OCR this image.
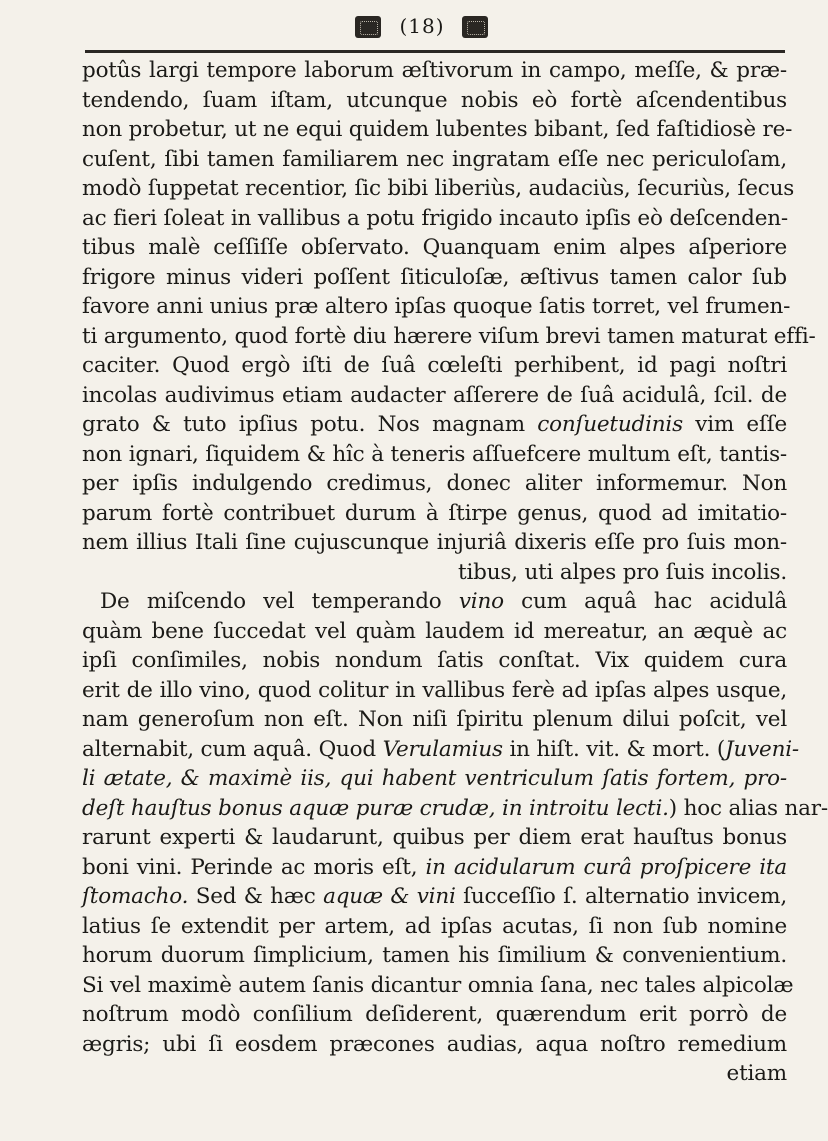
(18)
potûs largi tempore laborum æſtivorum in campo, meſſe, & præ-
tendendo, ſuam iſtam, utcunque nobis eò fortè aſcendentibus
non probetur, ut ne equi quidem lubentes bibant, ſed faſtidiosè re-
cuſent, ſibi tamen familiarem nec ingratam eſſe nec periculoſam,
modò ſuppetat recentior, ſic bibi liberiùs, audaciùs, ſecuriùs, ſecus
ac fieri ſoleat in vallibus a potu frigido incauto ipſis eò deſcenden-
tibus malè ceſſiſſe obſervato. Quanquam enim alpes aſperiore
frigore minus videri poſſent ſiticuloſæ, æſtivus tamen calor ſub
favore anni unius præ altero ipſas quoque ſatis torret, vel frumen-
ti argumento, quod fortè diu hærere viſum brevi tamen maturat effi-
caciter. Quod ergò iſti de ſuâ cœleſti perhibent, id pagi noſtri
incolas audivimus etiam audacter aſſerere de ſuâ acidulâ, ſcil. de
grato & tuto ipſius potu. Nos magnam conſuetudinis vim eſſe
non ignari, ſiquidem & hîc à teneris aſſuefcere multum eſt, tantis-
per ipſis indulgendo credimus, donec aliter informemur. Non
parum fortè contribuet durum à ſtirpe genus, quod ad imitatio-
nem illius Itali ſine cujuscunque injuriâ dixeris eſſe pro ſuis mon-
tibus, uti alpes pro ſuis incolis.
De miſcendo vel temperando vino cum aquâ hac acidulâ
quàm bene ſuccedat vel quàm laudem id mereatur, an æquè ac
ipſi conſimiles, nobis nondum ſatis conſtat. Vix quidem cura
erit de illo vino, quod colitur in vallibus ferè ad ipſas alpes usque,
nam generoſum non eſt. Non niſi ſpiritu plenum dilui poſcit, vel
alternabit, cum aquâ. Quod Verulamius in hiſt. vit. & mort. (Juveni-
li ætate, & maximè iis, qui habent ventriculum ſatis fortem, pro-
deſt hauſtus bonus aquæ puræ crudæ, in introitu lecti.) hoc alias nar-
rarunt experti & laudarunt, quibus per diem erat hauſtus bonus
boni vini. Perinde ac moris eſt, in acidularum curâ proſpicere ita
ſtomacho. Sed & hæc aquæ & vini ſucceſſio ſ. alternatio invicem,
latius ſe extendit per artem, ad ipſas acutas, ſi non ſub nomine
horum duorum ſimplicium, tamen his ſimilium & convenientium.
Si vel maximè autem ſanis dicantur omnia ſana, nec tales alpicolæ
noſtrum modò conſilium deſiderent, quærendum erit porrò de
ægris; ubi ſi eosdem præcones audias, aqua noſtro remedium
etiam
